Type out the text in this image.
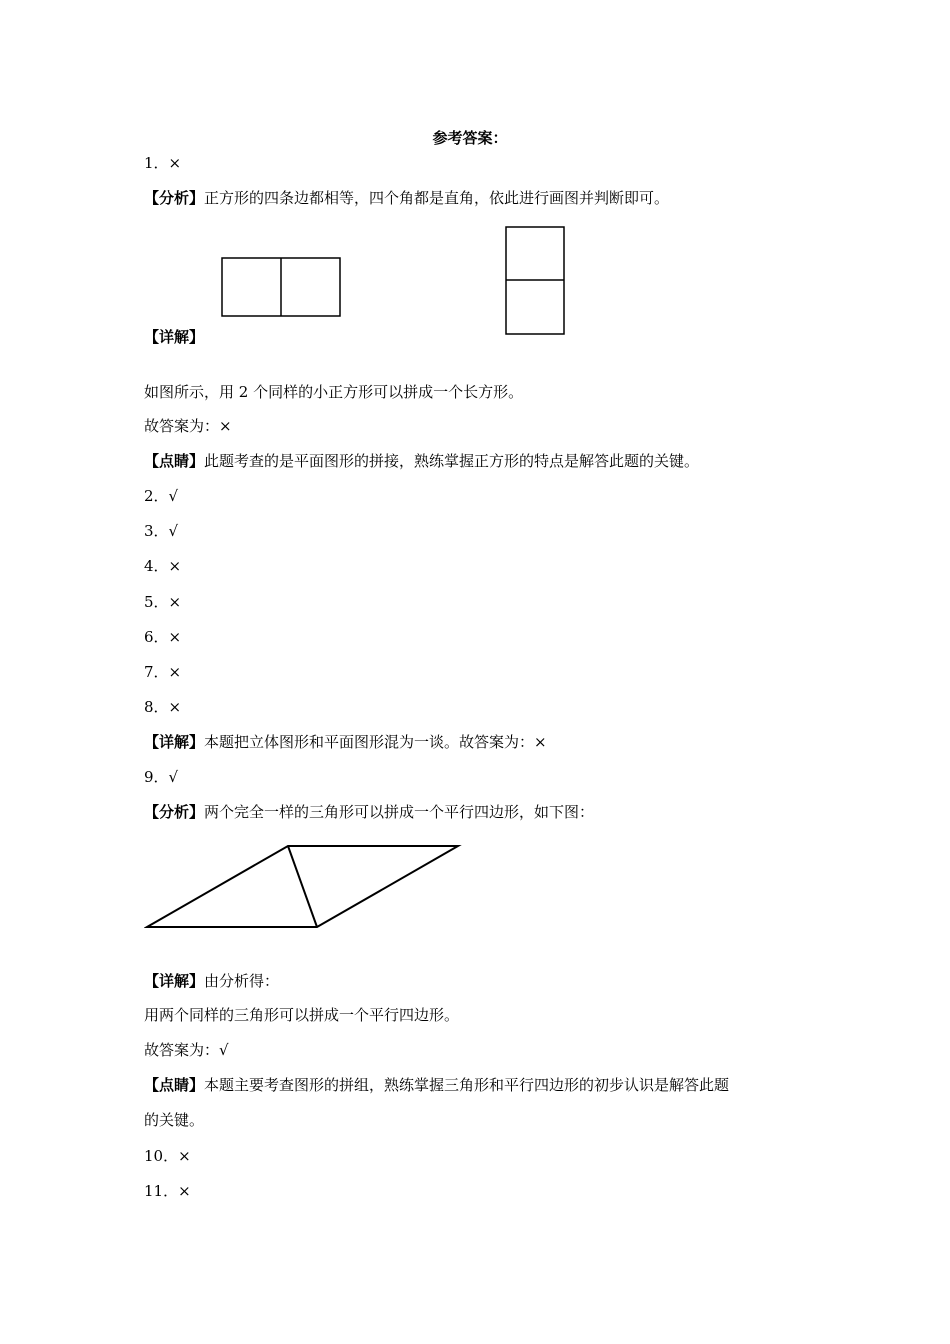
参考答案：
1．×
【分析】正方形的四条边都相等，四个角都是直角，依此进行画图并判断即可。
【详解】
如图所示，用 2 个同样的小正方形可以拼成一个长方形。
故答案为：×
【点睛】此题考查的是平面图形的拼接，熟练掌握正方形的特点是解答此题的关键。
2．√
3．√
4．×
5．×
6．×
7．×
8．×
【详解】本题把立体图形和平面图形混为一谈。故答案为：×
9．√
【分析】两个完全一样的三角形可以拼成一个平行四边形，如下图：
【详解】由分析得：
用两个同样的三角形可以拼成一个平行四边形。
故答案为：√
【点睛】本题主要考查图形的拼组，熟练掌握三角形和平行四边形的初步认识是解答此题
的关键。
10．×
11．×
